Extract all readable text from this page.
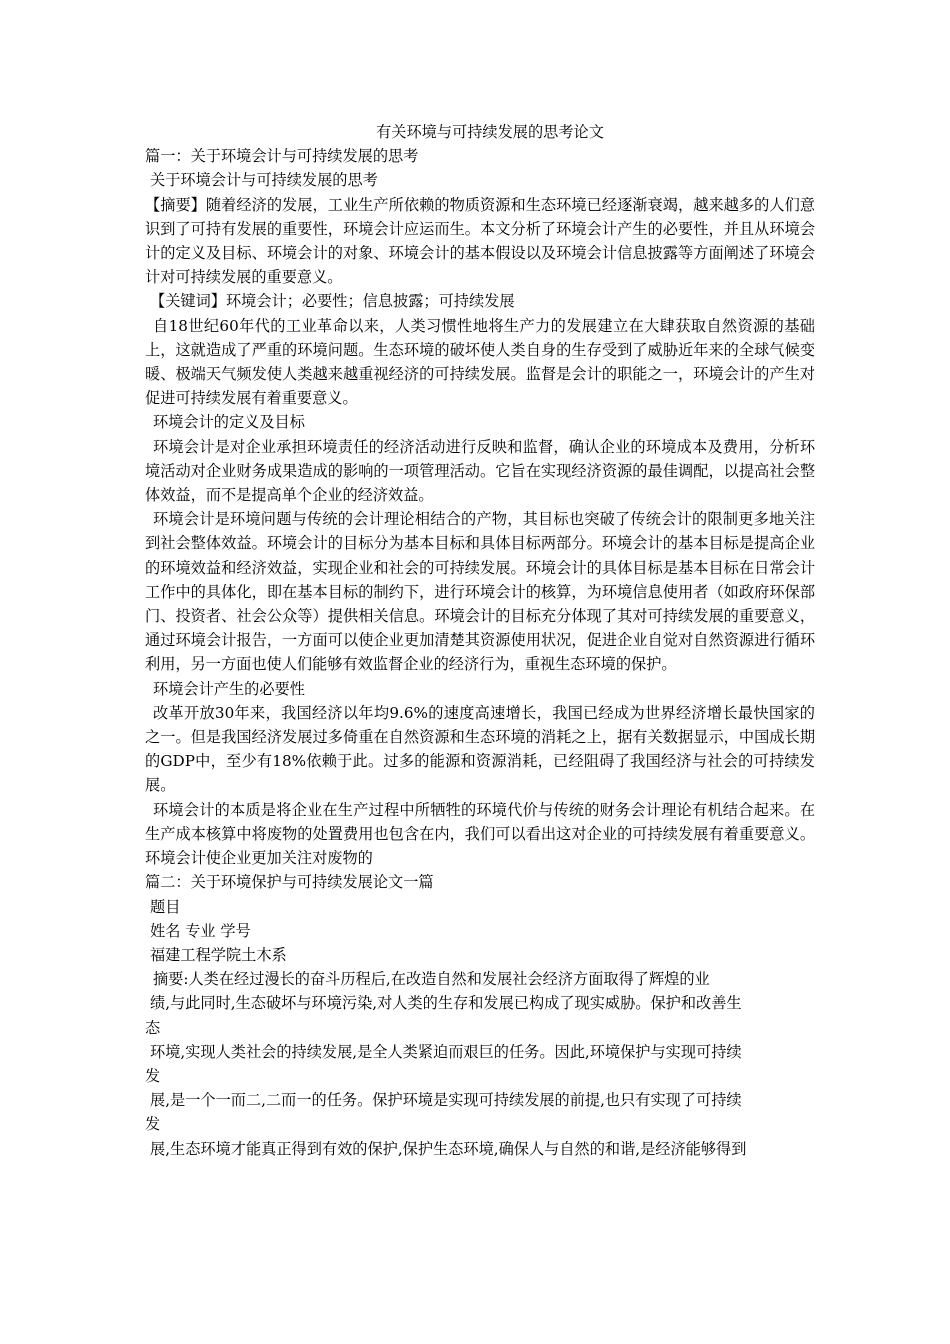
有关环境与可持续发展的思考论文

篇一：关于环境会计与可持续发展的思考

关于环境会计与可持续发展的思考

【摘要】随着经济的发展，工业生产所依赖的物质资源和生态环境已经逐渐衰竭，越来越多的人们意识到了可持有发展的重要性，环境会计应运而生。本文分析了环境会计产生的必要性，并且从环境会计的定义及目标、环境会计的对象、环境会计的基本假设以及环境会计信息披露等方面阐述了环境会计对可持续发展的重要意义。

【关键词】环境会计；必要性；信息披露；可持续发展

自18世纪60年代的工业革命以来，人类习惯性地将生产力的发展建立在大肆获取自然资源的基础上，这就造成了严重的环境问题。生态环境的破坏使人类自身的生存受到了威胁近年来的全球气候变暖、极端天气频发使人类越来越重视经济的可持续发展。监督是会计的职能之一，环境会计的产生对促进可持续发展有着重要意义。

环境会计的定义及目标

环境会计是对企业承担环境责任的经济活动进行反映和监督，确认企业的环境成本及费用，分析环境活动对企业财务成果造成的影响的一项管理活动。它旨在实现经济资源的最佳调配，以提高社会整体效益，而不是提高单个企业的经济效益。

环境会计是环境问题与传统的会计理论相结合的产物，其目标也突破了传统会计的限制更多地关注到社会整体效益。环境会计的目标分为基本目标和具体目标两部分。环境会计的基本目标是提高企业的环境效益和经济效益，实现企业和社会的可持续发展。环境会计的具体目标是基本目标在日常会计工作中的具体化，即在基本目标的制约下，进行环境会计的核算，为环境信息使用者（如政府环保部门、投资者、社会公众等）提供相关信息。环境会计的目标充分体现了其对可持续发展的重要意义，通过环境会计报告，一方面可以使企业更加清楚其资源使用状况，促进企业自觉对自然资源进行循环利用，另一方面也使人们能够有效监督企业的经济行为，重视生态环境的保护。

环境会计产生的必要性

改革开放30年来，我国经济以年均9.6%的速度高速增长，我国已经成为世界经济增长最快国家的之一。但是我国经济发展过多倚重在自然资源和生态环境的消耗之上，据有关数据显示，中国成长期的GDP中，至少有18%依赖于此。过多的能源和资源消耗，已经阻碍了我国经济与社会的可持续发展。

环境会计的本质是将企业在生产过程中所牺牲的环境代价与传统的财务会计理论有机结合起来。在生产成本核算中将废物的处置费用也包含在内，我们可以看出这对企业的可持续发展有着重要意义。环境会计使企业更加关注对废物的

篇二：关于环境保护与可持续发展论文一篇

题目

姓名 专业 学号

福建工程学院土木系

摘要:人类在经过漫长的奋斗历程后,在改造自然和发展社会经济方面取得了辉煌的业

绩,与此同时,生态破坏与环境污染,对人类的生存和发展已构成了现实威胁。保护和改善生

态

环境,实现人类社会的持续发展,是全人类紧迫而艰巨的任务。因此,环境保护与实现可持续

发

展,是一个一而二,二而一的任务。保护环境是实现可持续发展的前提,也只有实现了可持续

发

展,生态环境才能真正得到有效的保护,保护生态环境,确保人与自然的和谐,是经济能够得到
